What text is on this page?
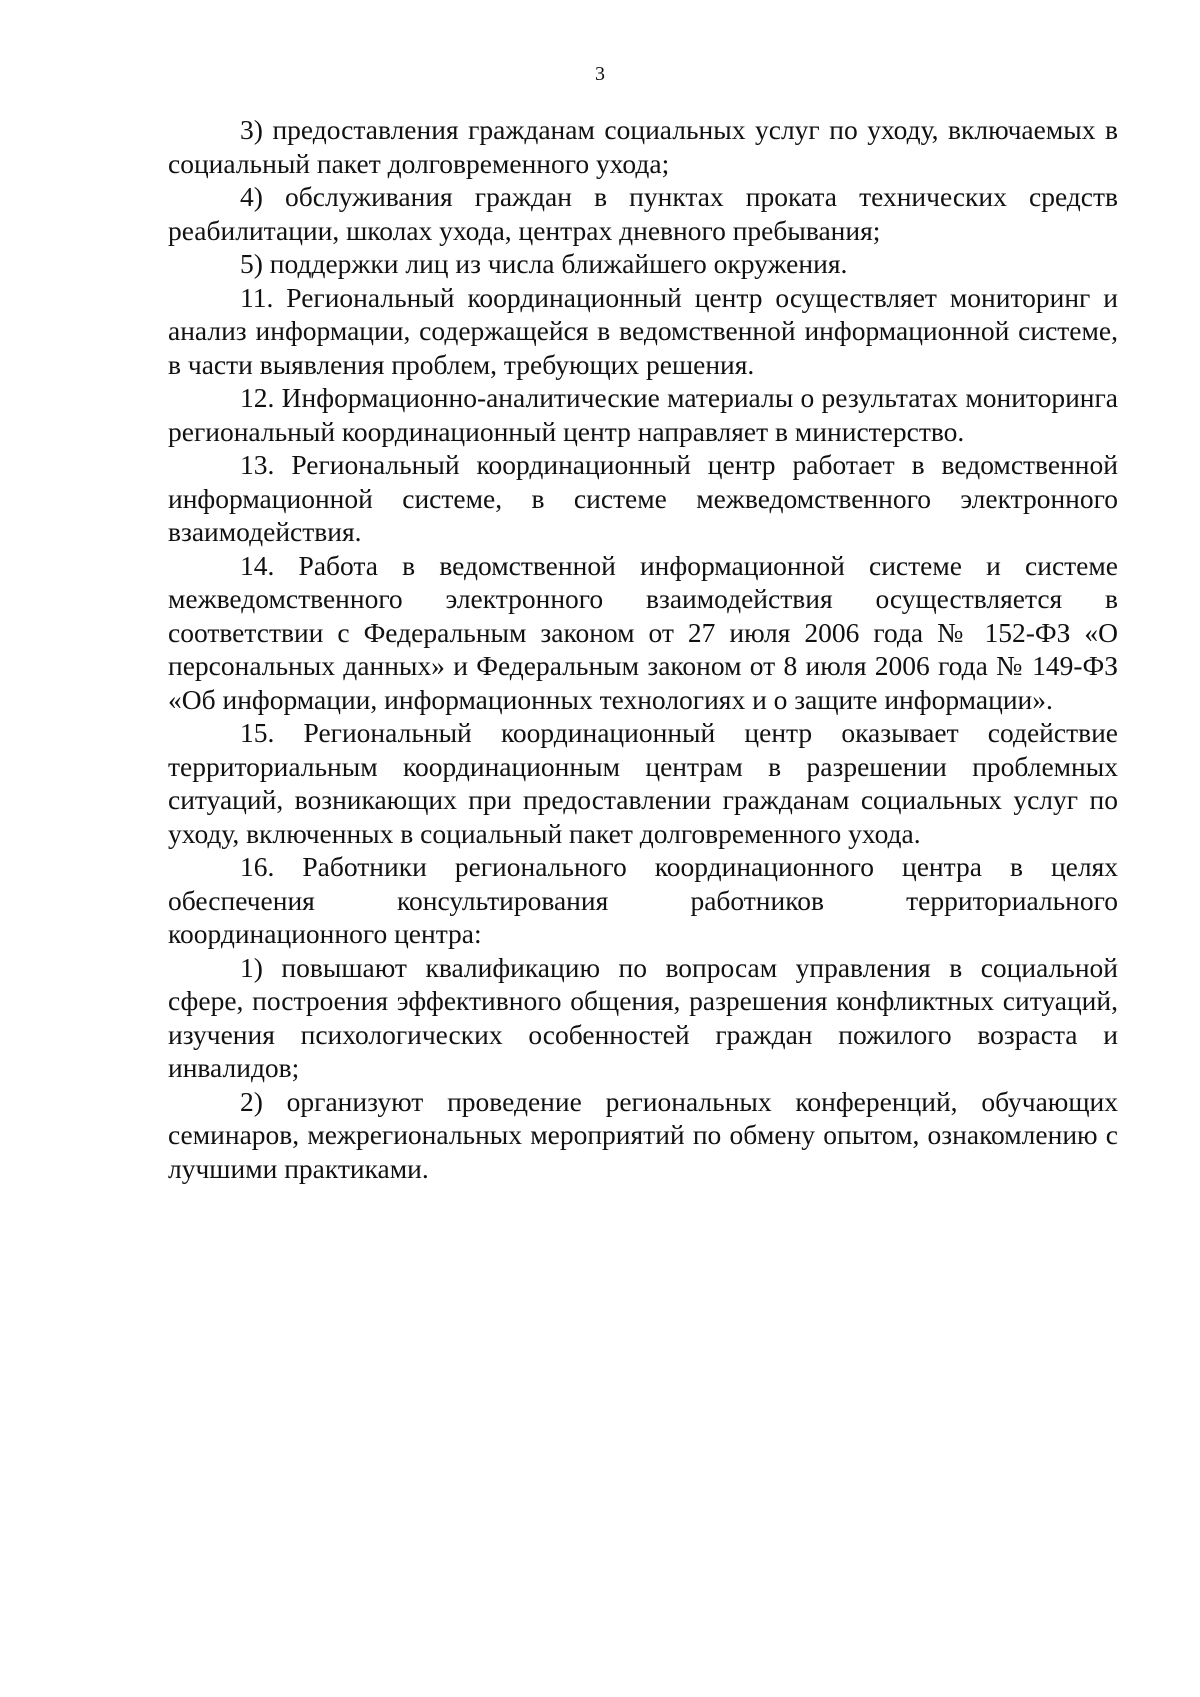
3

3) предоставления гражданам социальных услуг по уходу, включаемых в социальный пакет долговременного ухода;

4) обслуживания граждан в пунктах проката технических средств реабилитации, школах ухода, центрах дневного пребывания;

5) поддержки лиц из числа ближайшего окружения.

11. Региональный координационный центр осуществляет мониторинг и анализ информации, содержащейся в ведомственной информационной системе, в части выявления проблем, требующих решения.

12. Информационно-аналитические материалы о результатах мониторинга региональный координационный центр направляет в министерство.

13. Региональный координационный центр работает в ведомственной информационной системе, в системе межведомственного электронного взаимодействия.

14. Работа в ведомственной информационной системе и системе межведомственного электронного взаимодействия осуществляется в соответствии с Федеральным законом от 27 июля 2006 года № 152-ФЗ «О персональных данных» и Федеральным законом от 8 июля 2006 года № 149-ФЗ «Об информации, информационных технологиях и о защите информации».

15. Региональный координационный центр оказывает содействие территориальным координационным центрам в разрешении проблемных ситуаций, возникающих при предоставлении гражданам социальных услуг по уходу, включенных в социальный пакет долговременного ухода.

16. Работники регионального координационного центра в целях обеспечения консультирования работников территориального координационного центра:

1) повышают квалификацию по вопросам управления в социальной сфере, построения эффективного общения, разрешения конфликтных ситуаций, изучения психологических особенностей граждан пожилого возраста и инвалидов;

2) организуют проведение региональных конференций, обучающих семинаров, межрегиональных мероприятий по обмену опытом, ознакомлению с лучшими практиками.
